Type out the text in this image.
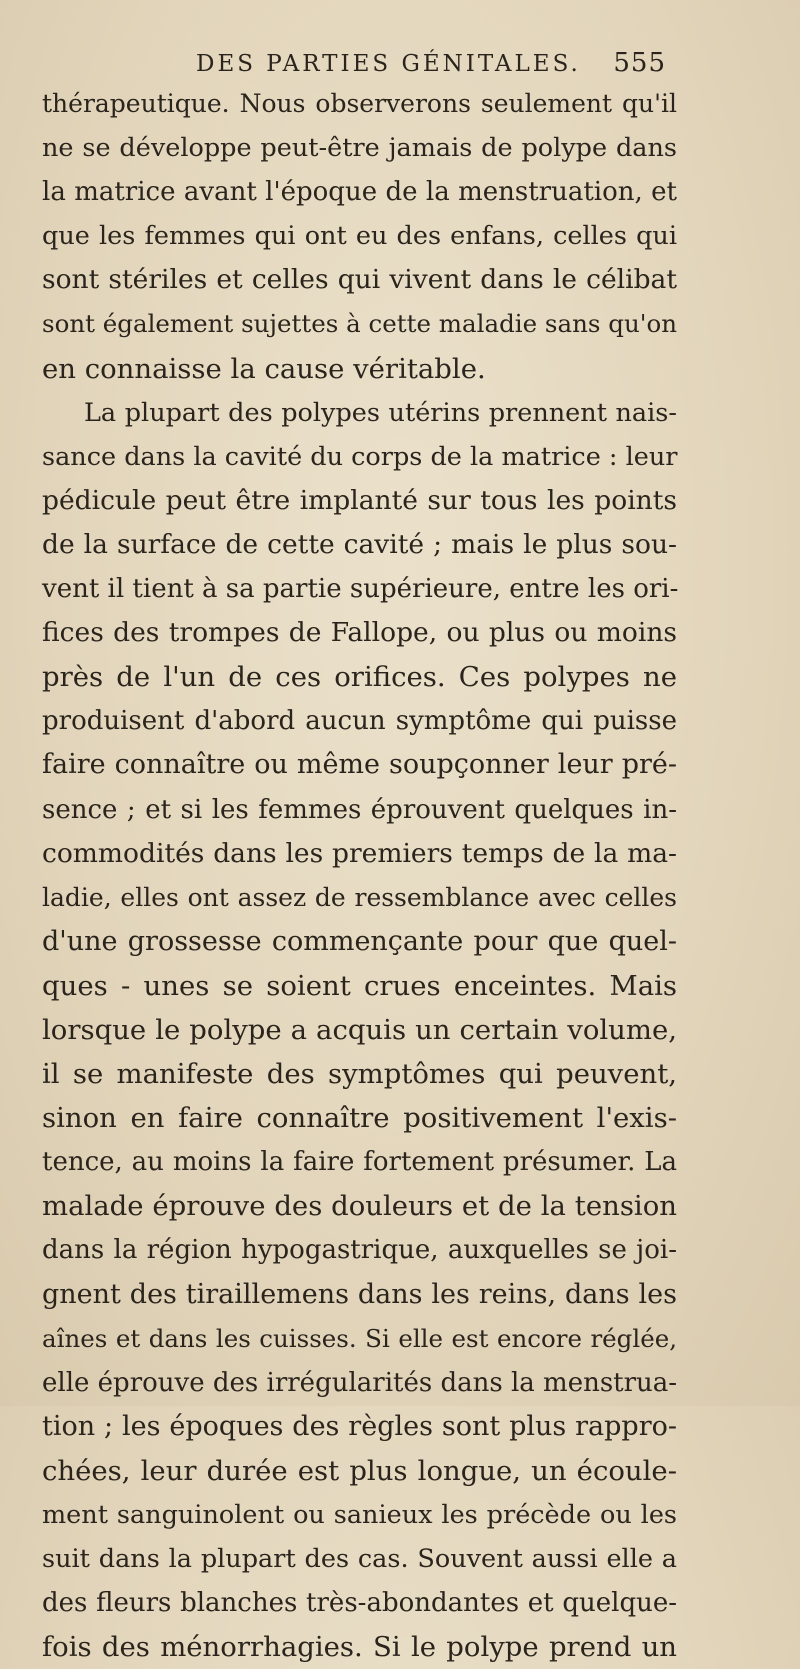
DES PARTIES GÉNITALES. 555
thérapeutique. Nous observerons seulement qu'il
ne se développe peut-être jamais de polype dans
la matrice avant l'époque de la menstruation, et
que les femmes qui ont eu des enfans, celles qui
sont stériles et celles qui vivent dans le célibat
sont également sujettes à cette maladie sans qu'on
en connaisse la cause véritable.
La plupart des polypes utérins prennent nais-
sance dans la cavité du corps de la matrice : leur
pédicule peut être implanté sur tous les points
de la surface de cette cavité ; mais le plus sou-
vent il tient à sa partie supérieure, entre les ori-
fices des trompes de Fallope, ou plus ou moins
près de l'un de ces orifices. Ces polypes ne
produisent d'abord aucun symptôme qui puisse
faire connaître ou même soupçonner leur pré-
sence ; et si les femmes éprouvent quelques in-
commodités dans les premiers temps de la ma-
ladie, elles ont assez de ressemblance avec celles
d'une grossesse commençante pour que quel-
ques - unes se soient crues enceintes. Mais
lorsque le polype a acquis un certain volume,
il se manifeste des symptômes qui peuvent,
sinon en faire connaître positivement l'exis-
tence, au moins la faire fortement présumer. La
malade éprouve des douleurs et de la tension
dans la région hypogastrique, auxquelles se joi-
gnent des tiraillemens dans les reins, dans les
aînes et dans les cuisses. Si elle est encore réglée,
elle éprouve des irrégularités dans la menstrua-
tion ; les époques des règles sont plus rappro-
chées, leur durée est plus longue, un écoule-
ment sanguinolent ou sanieux les précède ou les
suit dans la plupart des cas. Souvent aussi elle a
des fleurs blanches très-abondantes et quelque-
fois des ménorrhagies. Si le polype prend un
